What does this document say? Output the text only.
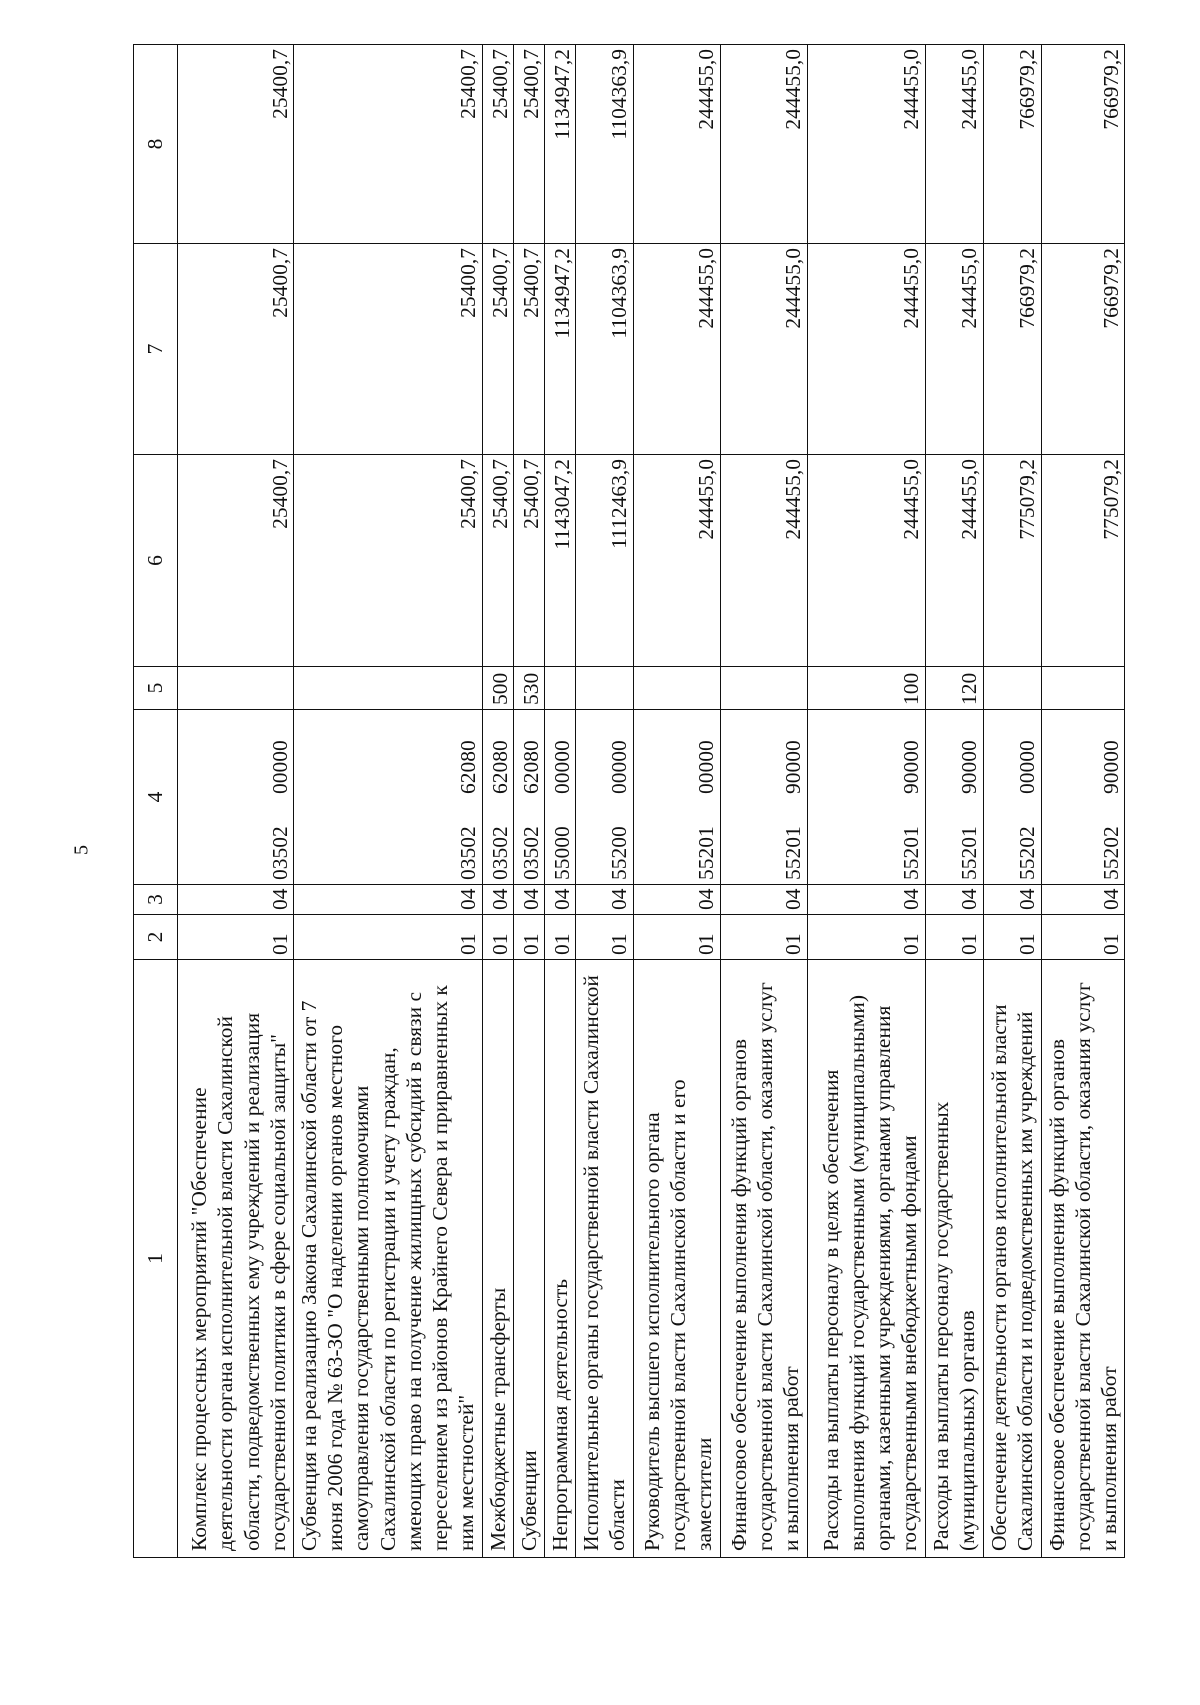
5
1	2	3	4	5	6	7	8
Комплекс процессных мероприятий "Обеспечение деятельности органа исполнительной власти Сахалинской области, подведомственных ему учреждений и реализация государственной политики в сфере социальной защиты"	01	04	0350200000		25400,7	25400,7	25400,7
Субвенция на реализацию Закона Сахалинской области от 7 июня 2006 года № 63-ЗО "О наделении органов местного самоуправления государственными полномочиями Сахалинской области по регистрации и учету граждан, имеющих право на получение жилищных субсидий в связи с переселением из районов Крайнего Севера и приравненных к ним местностей"	01	04	0350262080		25400,7	25400,7	25400,7
Межбюджетные трансферты	01	04	0350262080	500	25400,7	25400,7	25400,7
Субвенции	01	04	0350262080	530	25400,7	25400,7	25400,7
Непрограммная деятельность	01	04	5500000000		1143047,2	1134947,2	1134947,2
Исполнительные органы государственной власти Сахалинской области	01	04	5520000000		1112463,9	1104363,9	1104363,9
Руководитель высшего исполнительного органа государственной власти Сахалинской области и его заместители	01	04	5520100000		244455,0	244455,0	244455,0
Финансовое обеспечение выполнения функций органов государственной власти Сахалинской области, оказания услуг и выполнения работ	01	04	5520190000		244455,0	244455,0	244455,0
Расходы на выплаты персоналу в целях обеспечения выполнения функций государственными (муниципальными) органами, казенными учреждениями, органами управления государственными внебюджетными фондами	01	04	5520190000	100	244455,0	244455,0	244455,0
Расходы на выплаты персоналу государственных (муниципальных) органов	01	04	5520190000	120	244455,0	244455,0	244455,0
Обеспечение деятельности органов исполнительной власти Сахалинской области и подведомственных им учреждений	01	04	5520200000		775079,2	766979,2	766979,2
Финансовое обеспечение выполнения функций органов государственной власти Сахалинской области, оказания услуг и выполнения работ	01	04	5520290000		775079,2	766979,2	766979,2
